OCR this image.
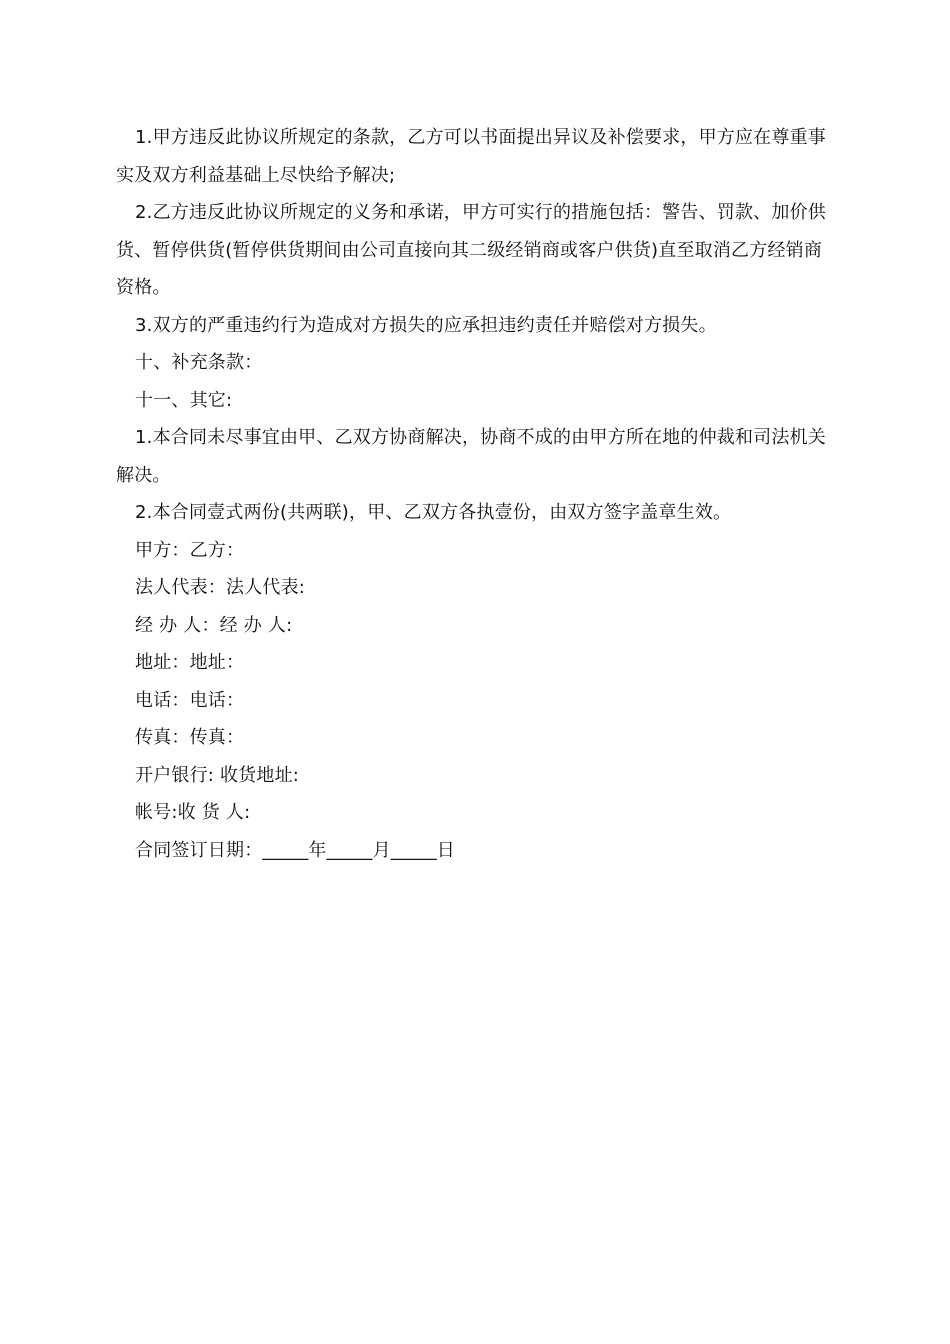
1.甲方违反此协议所规定的条款，乙方可以书面提出异议及补偿要求，甲方应在尊重事实及双方利益基础上尽快给予解决;

2.乙方违反此协议所规定的义务和承诺，甲方可实行的措施包括：警告、罚款、加价供货、暂停供货(暂停供货期间由公司直接向其二级经销商或客户供货)直至取消乙方经销商资格。

3.双方的严重违约行为造成对方损失的应承担违约责任并赔偿对方损失。

十、补充条款：

十一、其它:

1.本合同未尽事宜由甲、乙双方协商解决，协商不成的由甲方所在地的仲裁和司法机关解决。

2.本合同壹式两份(共两联)，甲、乙双方各执壹份，由双方签字盖章生效。

甲方：乙方：

法人代表：法人代表:

经 办 人：经 办 人:

地址：地址：

电话：电话：

传真：传真：

开户银行: 收货地址:

帐号:收 货 人:

合同签订日期：_____年_____月_____日
